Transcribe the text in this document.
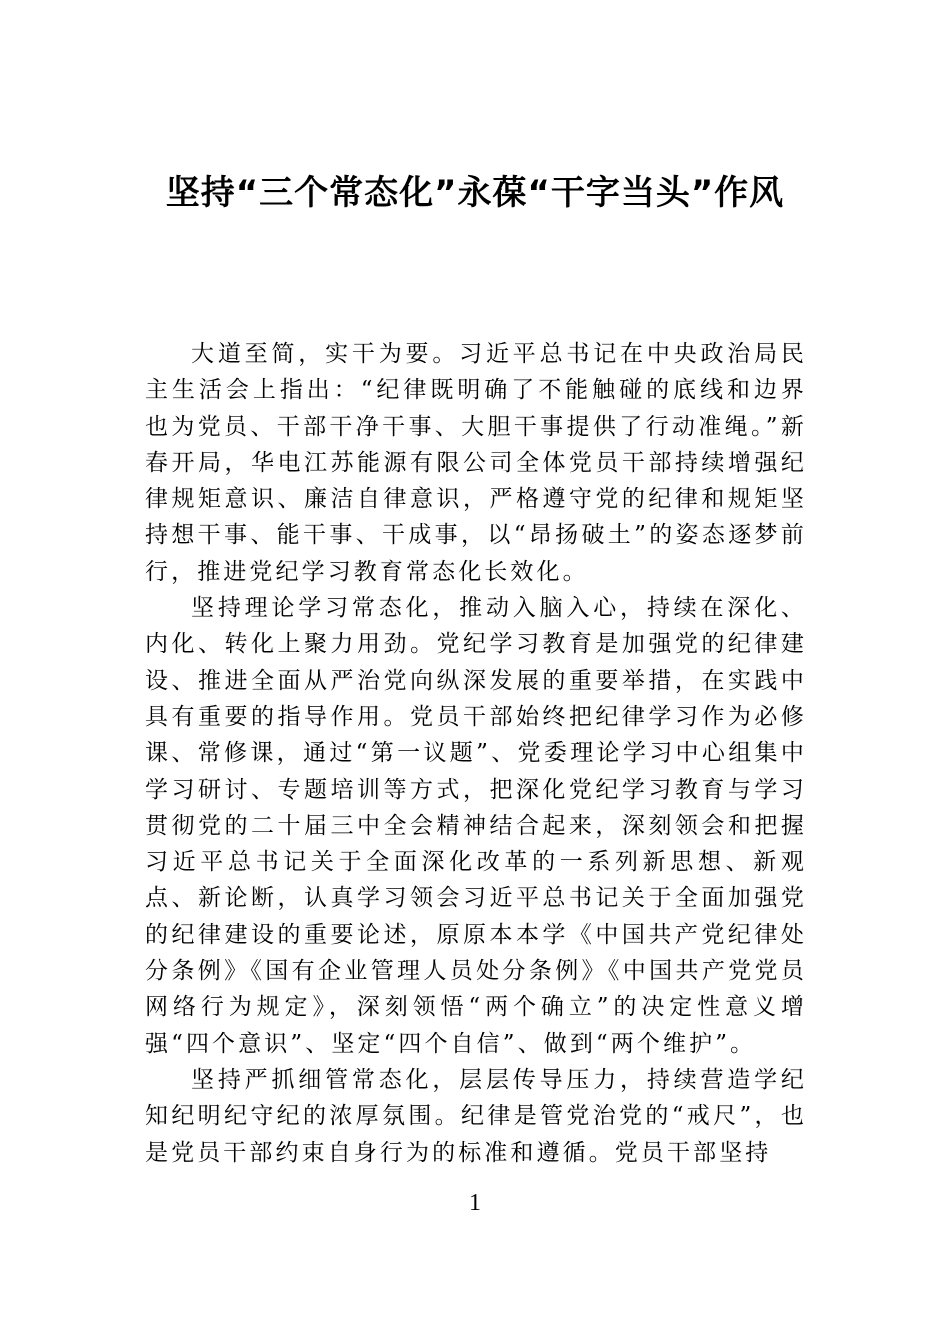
坚持“三个常态化”永葆“干字当头”作风

大道至简，实干为要。习近平总书记在中央政治局民主生活会上指出：“纪律既明确了不能触碰的底线和边界也为党员、干部干净干事、大胆干事提供了行动准绳。”新春开局，华电江苏能源有限公司全体党员干部持续增强纪律规矩意识、廉洁自律意识，严格遵守党的纪律和规矩坚持想干事、能干事、干成事，以“昂扬破土”的姿态逐梦前行，推进党纪学习教育常态化长效化。

坚持理论学习常态化，推动入脑入心，持续在深化、内化、转化上聚力用劲。党纪学习教育是加强党的纪律建设、推进全面从严治党向纵深发展的重要举措，在实践中具有重要的指导作用。党员干部始终把纪律学习作为必修课、常修课，通过“第一议题”、党委理论学习中心组集中学习研讨、专题培训等方式，把深化党纪学习教育与学习贯彻党的二十届三中全会精神结合起来，深刻领会和把握习近平总书记关于全面深化改革的一系列新思想、新观点、新论断，认真学习领会习近平总书记关于全面加强党的纪律建设的重要论述，原原本本学《中国共产党纪律处分条例》《国有企业管理人员处分条例》《中国共产党党员网络行为规定》，深刻领悟“两个确立”的决定性意义增强“四个意识”、坚定“四个自信”、做到“两个维护”。

坚持严抓细管常态化，层层传导压力，持续营造学纪知纪明纪守纪的浓厚氛围。纪律是管党治党的“戒尺”，也是党员干部约束自身行为的标准和遵循。党员干部坚持

1
